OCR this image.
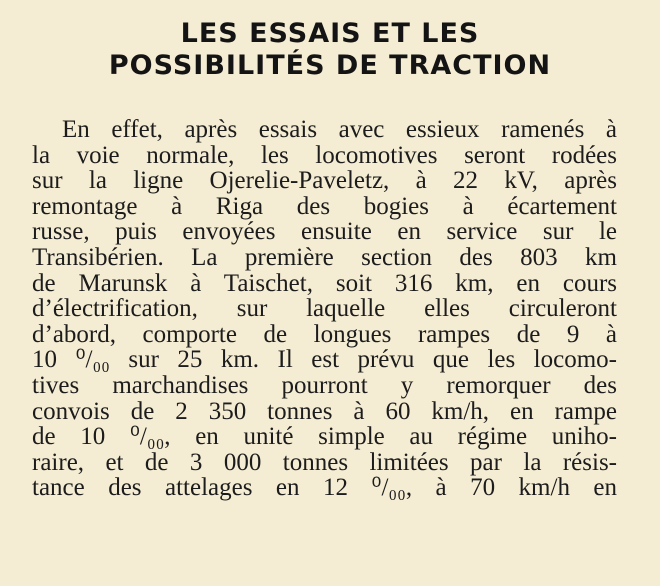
LES ESSAIS ET LES
POSSIBILITÉS DE TRACTION
En effet, après essais avec essieux ramenés à
la voie normale, les locomotives seront rodées
sur la ligne Ojerelie-Paveletz, à 22 kV, après
remontage à Riga des bogies à écartement
russe, puis envoyées ensuite en service sur le
Transibérien. La première section des 803 km
de Marunsk à Taischet, soit 316 km, en cours
d’électrification, sur laquelle elles circuleront
d’abord, comporte de longues rampes de 9 à
10 ⁰/₀₀ sur 25 km. Il est prévu que les locomo-
tives marchandises pourront y remorquer des
convois de 2 350 tonnes à 60 km/h, en rampe
de 10 ⁰/₀₀, en unité simple au régime uniho-
raire, et de 3 000 tonnes limitées par la résis-
tance des attelages en 12 ⁰/₀₀, à 70 km/h en
